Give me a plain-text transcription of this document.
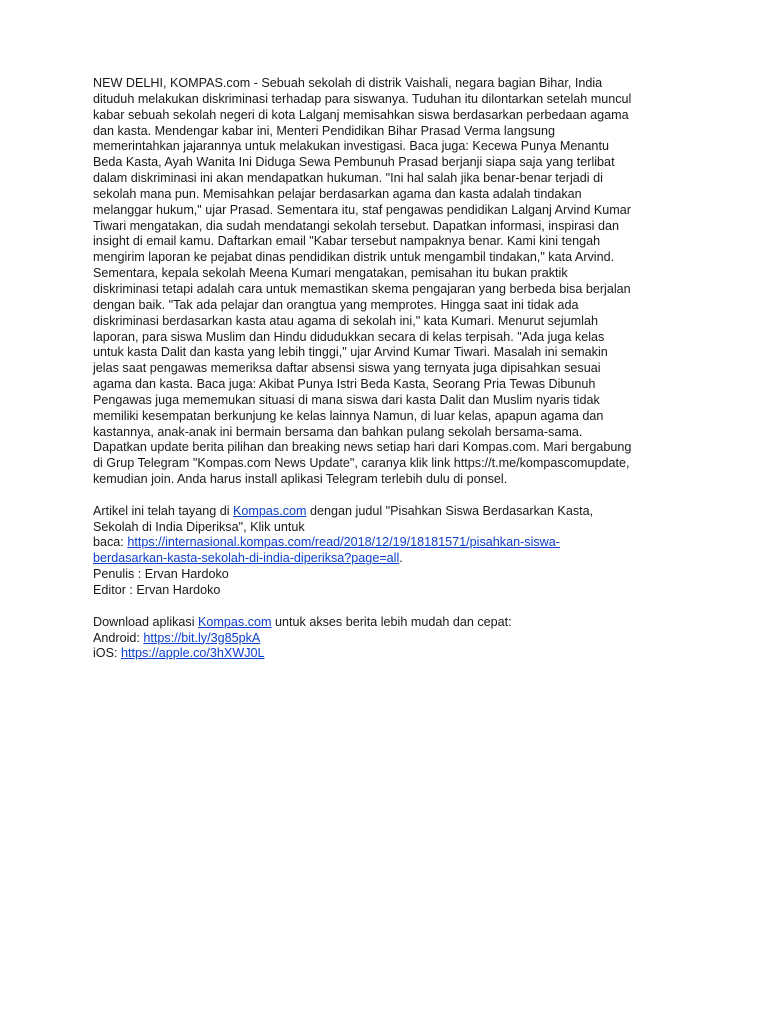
NEW DELHI, KOMPAS.com - Sebuah sekolah di distrik Vaishali, negara bagian Bihar, India
dituduh melakukan diskriminasi terhadap para siswanya. Tuduhan itu dilontarkan setelah muncul
kabar sebuah sekolah negeri di kota Lalganj memisahkan siswa berdasarkan perbedaan agama
dan kasta. Mendengar kabar ini, Menteri Pendidikan Bihar Prasad Verma langsung
memerintahkan jajarannya untuk melakukan investigasi. Baca juga: Kecewa Punya Menantu
Beda Kasta, Ayah Wanita Ini Diduga Sewa Pembunuh Prasad berjanji siapa saja yang terlibat
dalam diskriminasi ini akan mendapatkan hukuman. "Ini hal salah jika benar-benar terjadi di
sekolah mana pun. Memisahkan pelajar berdasarkan agama dan kasta adalah tindakan
melanggar hukum," ujar Prasad. Sementara itu, staf pengawas pendidikan Lalganj Arvind Kumar
Tiwari mengatakan, dia sudah mendatangi sekolah tersebut. Dapatkan informasi, inspirasi dan
insight di email kamu. Daftarkan email "Kabar tersebut nampaknya benar. Kami kini tengah
mengirim laporan ke pejabat dinas pendidikan distrik untuk mengambil tindakan," kata Arvind.
Sementara, kepala sekolah Meena Kumari mengatakan, pemisahan itu bukan praktik
diskriminasi tetapi adalah cara untuk memastikan skema pengajaran yang berbeda bisa berjalan
dengan baik. "Tak ada pelajar dan orangtua yang memprotes. Hingga saat ini tidak ada
diskriminasi berdasarkan kasta atau agama di sekolah ini," kata Kumari. Menurut sejumlah
laporan, para siswa Muslim dan Hindu didudukkan secara di kelas terpisah. "Ada juga kelas
untuk kasta Dalit dan kasta yang lebih tinggi," ujar Arvind Kumar Tiwari. Masalah ini semakin
jelas saat pengawas memeriksa daftar absensi siswa yang ternyata juga dipisahkan sesuai
agama dan kasta. Baca juga: Akibat Punya Istri Beda Kasta, Seorang Pria Tewas Dibunuh
Pengawas juga mememukan situasi di mana siswa dari kasta Dalit dan Muslim nyaris tidak
memiliki kesempatan berkunjung ke kelas lainnya Namun, di luar kelas, apapun agama dan
kastannya, anak-anak ini bermain bersama dan bahkan pulang sekolah bersama-sama.
Dapatkan update berita pilihan dan breaking news setiap hari dari Kompas.com. Mari bergabung
di Grup Telegram "Kompas.com News Update", caranya klik link https://t.me/kompascomupdate,
kemudian join. Anda harus install aplikasi Telegram terlebih dulu di ponsel.
Artikel ini telah tayang di Kompas.com dengan judul "Pisahkan Siswa Berdasarkan Kasta,
Sekolah di India Diperiksa", Klik untuk
baca: https://internasional.kompas.com/read/2018/12/19/18181571/pisahkan-siswa-
berdasarkan-kasta-sekolah-di-india-diperiksa?page=all.
Penulis : Ervan Hardoko
Editor : Ervan Hardoko
Download aplikasi Kompas.com untuk akses berita lebih mudah dan cepat:
Android: https://bit.ly/3g85pkA
iOS: https://apple.co/3hXWJ0L
